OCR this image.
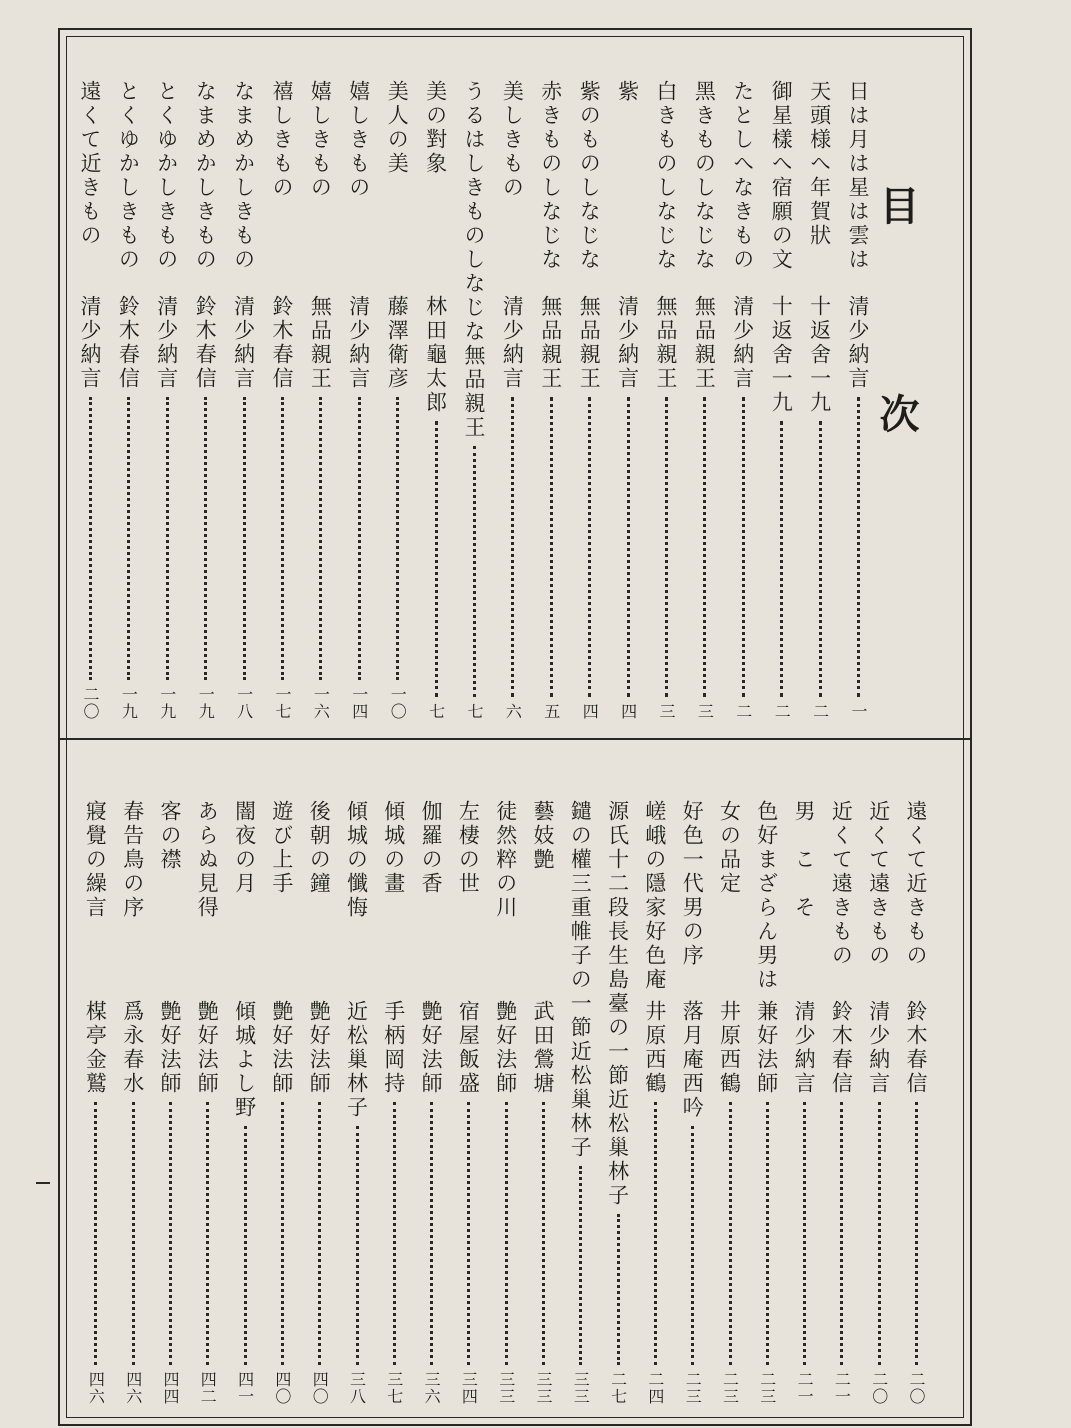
目　次
日は月は星は雲は
清少納言
一
天頭様へ年賀狀
十返舍一九
二
御星樣へ宿願の文
十返舍一九
二
たとしへなきもの
清少納言
二
黑きものしなじな
無品親王
三
白きものしなじな
無品親王
三
紫
清少納言
四
紫のものしなじな
無品親王
四
赤きものしなじな
無品親王
五
美しきもの
清少納言
六
うるはしきものしなじな
無品親王
七
美の對象
林田龜太郎
七
美人の美
藤澤衛彦
一〇
嬉しきもの
清少納言
一四
嬉しきもの
無品親王
一六
禧しきもの
鈴木春信
一七
なまめかしきもの
清少納言
一八
なまめかしきもの
鈴木春信
一九
とくゆかしきもの
清少納言
一九
とくゆかしきもの
鈴木春信
一九
遠くて近きもの
清少納言
二〇
遠くて近きもの
鈴木春信
二〇
近くて遠きもの
清少納言
二〇
近くて遠きもの
鈴木春信
二一
男　こ　そ
清少納言
二一
色好まざらん男は
兼好法師
二三
女の品定
井原西鶴
二三
好色一代男の序
落月庵西吟
二三
嵯峨の隱家好色庵
井原西鶴
二四
源氏十二段長生島臺の一節
近松巢林子
二七
鑓の權三重帷子の一節
近松巢林子
三三
藝妓艶
武田鶯塘
三三
徒然粹の川
艶好法師
三三
左棲の世
宿屋飯盛
三四
伽羅の香
艶好法師
三六
傾城の畫
手柄岡持
三七
傾城の懺悔
近松巢林子
三八
後朝の鐘
艶好法師
四〇
遊び上手
艶好法師
四〇
闇夜の月
傾城よし野
四一
あらぬ見得
艶好法師
四二
客の襟
艶好法師
四四
春告鳥の序
爲永春水
四六
寢覺の繰言
楳亭金鷲
四六
